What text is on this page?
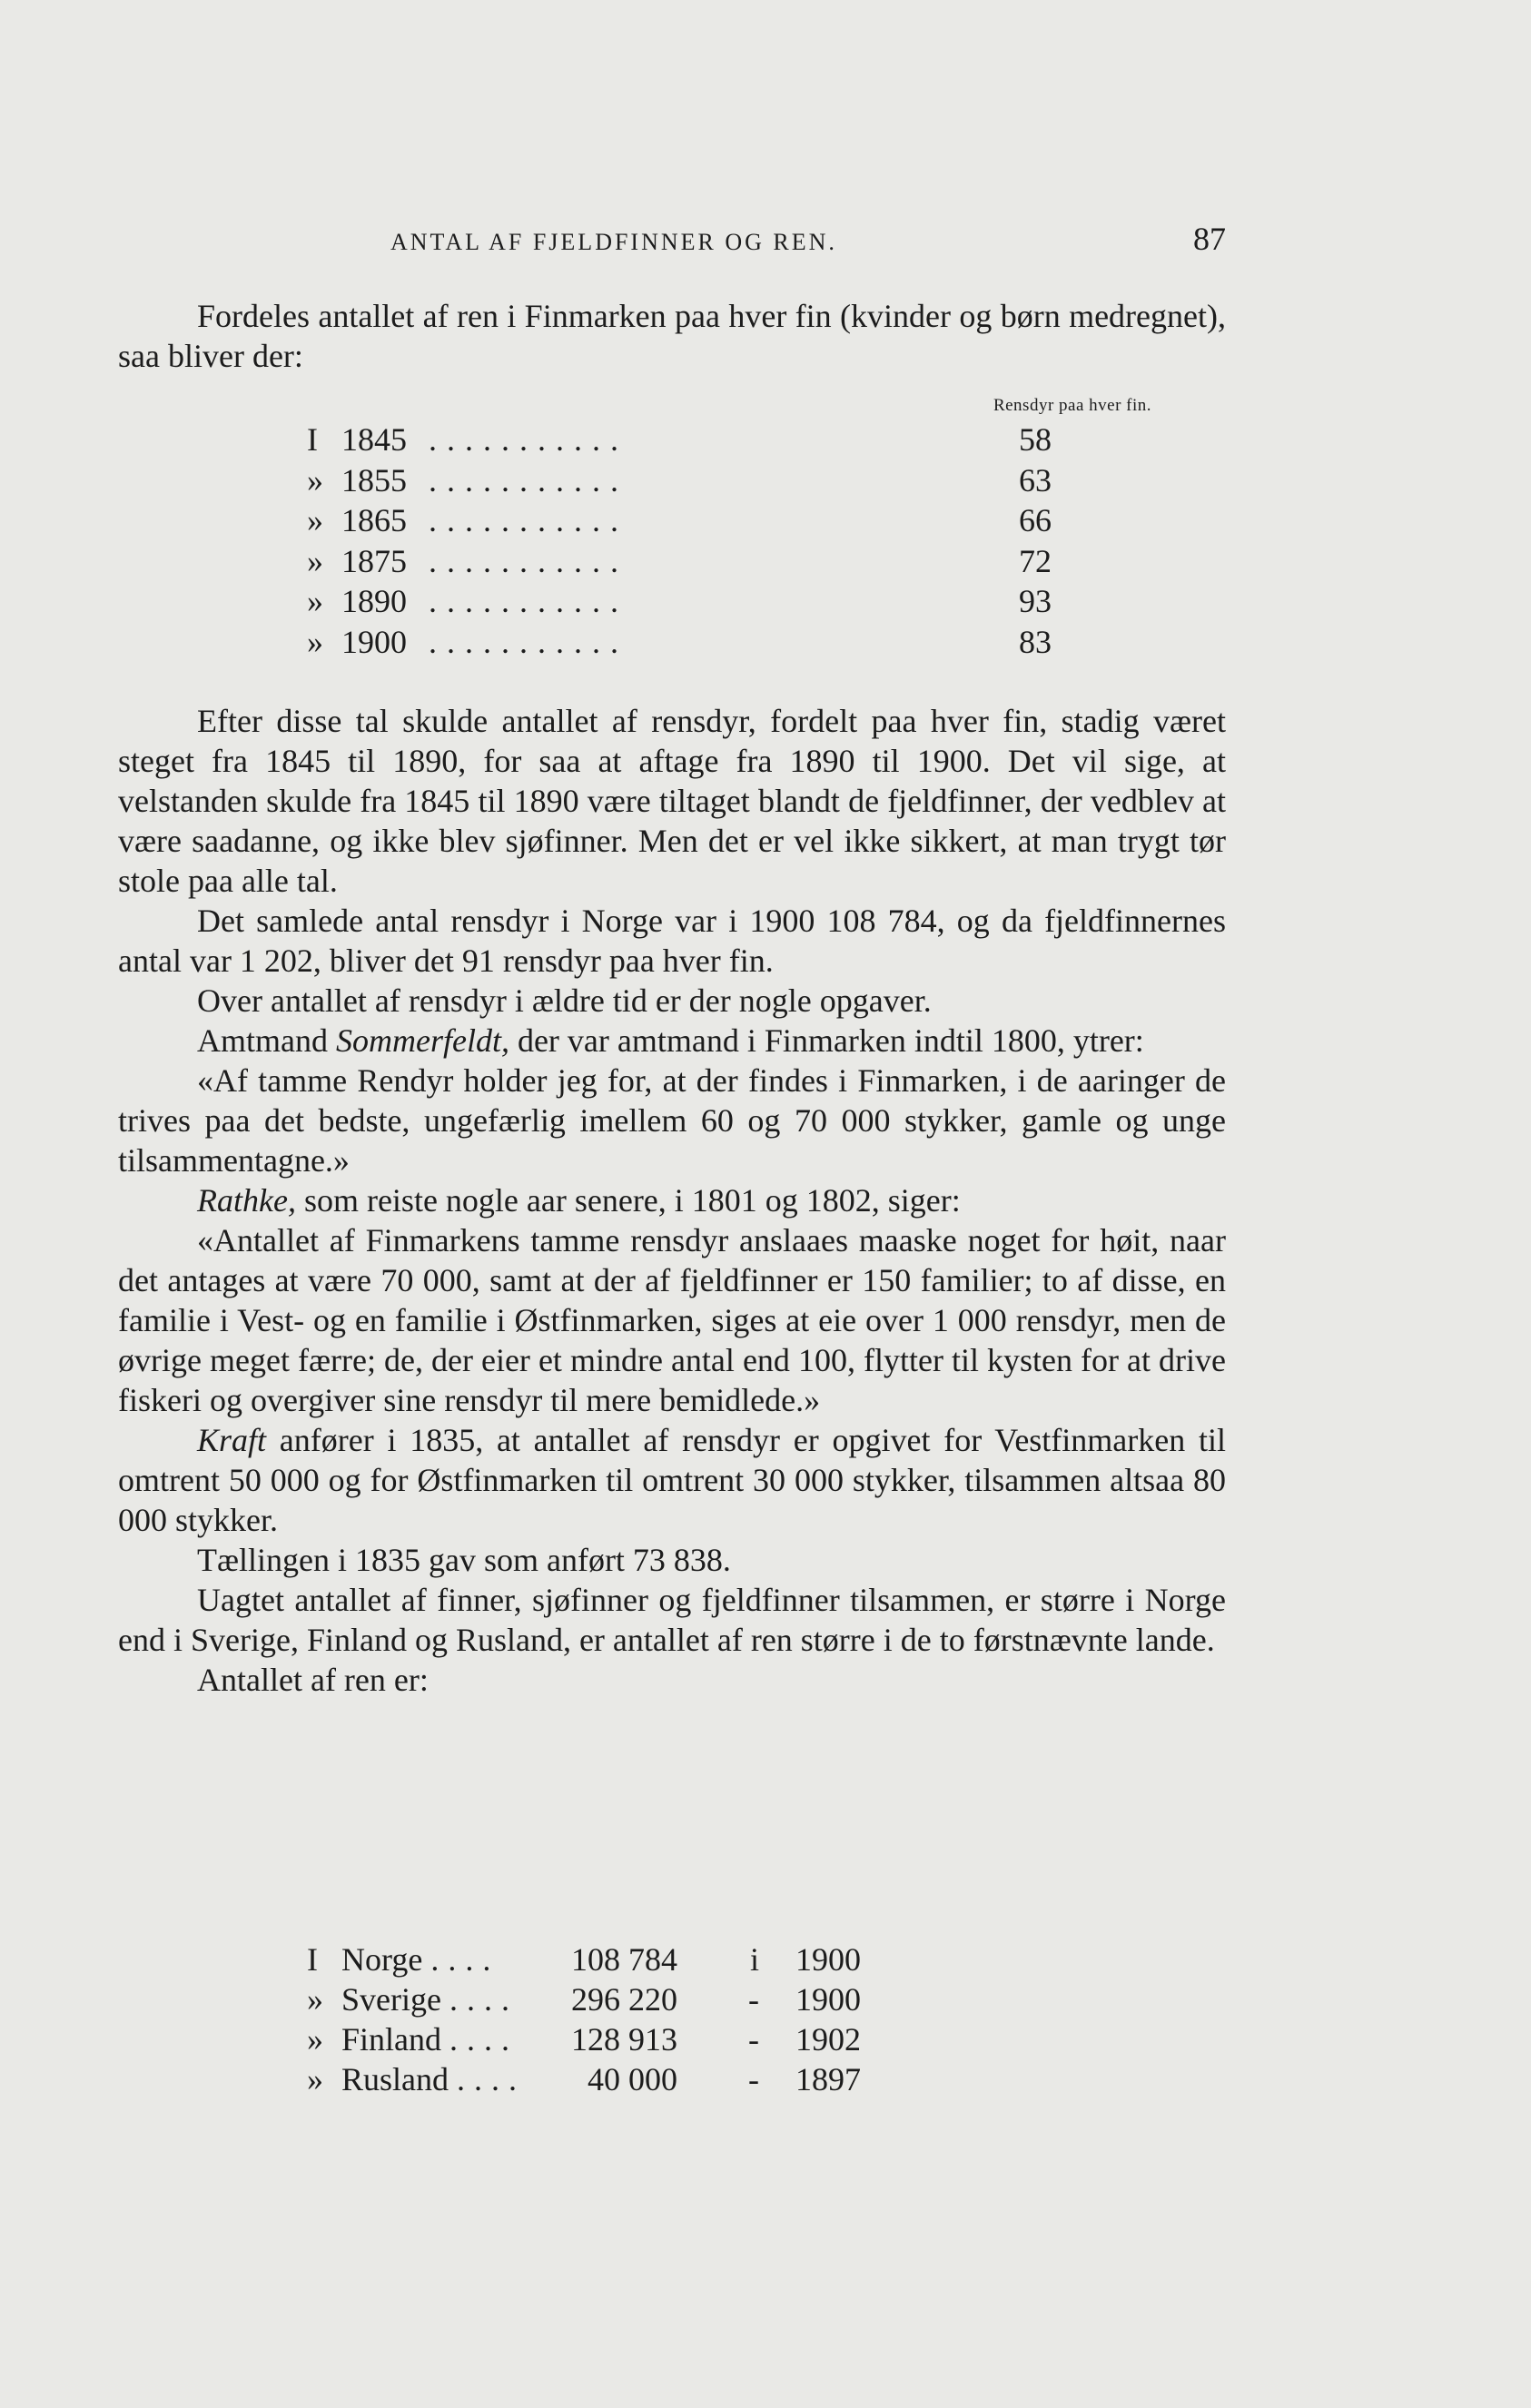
ANTAL AF FJELDFINNER OG REN.	87

Fordeles antallet af ren i Finmarken paa hver fin (kvinder og børn medregnet), saa bliver der:

Rensdyr paa hver fin.
I 1845 ...........	58
» 1855 ...........	63
» 1865 ...........	66
» 1875 ...........	72
» 1890 ...........	93
» 1900 ...........	83

Efter disse tal skulde antallet af rensdyr, fordelt paa hver fin, stadig været steget fra 1845 til 1890, for saa at aftage fra 1890 til 1900. Det vil sige, at velstanden skulde fra 1845 til 1890 være tiltaget blandt de fjeldfinner, der vedblev at være saadanne, og ikke blev sjøfinner. Men det er vel ikke sikkert, at man trygt tør stole paa alle tal.

Det samlede antal rensdyr i Norge var i 1900 108 784, og da fjeldfinnernes antal var 1 202, bliver det 91 rensdyr paa hver fin.

Over antallet af rensdyr i ældre tid er der nogle opgaver.

Amtmand Sommerfeldt, der var amtmand i Finmarken indtil 1800, ytrer:

«Af tamme Rendyr holder jeg for, at der findes i Finmarken, i de aaringer de trives paa det bedste, ungefærlig imellem 60 og 70 000 stykker, gamle og unge tilsammentagne.»

Rathke, som reiste nogle aar senere, i 1801 og 1802, siger:

«Antallet af Finmarkens tamme rensdyr anslaaes maaske noget for høit, naar det antages at være 70 000, samt at der af fjeldfinner er 150 familier; to af disse, en familie i Vest- og en familie i Østfinmarken, siges at eie over 1 000 rensdyr, men de øvrige meget færre; de, der eier et mindre antal end 100, flytter til kysten for at drive fiskeri og overgiver sine rensdyr til mere bemidlede.»

Kraft anfører i 1835, at antallet af rensdyr er opgivet for Vestfinmarken til omtrent 50 000 og for Østfinmarken til omtrent 30 000 stykker, tilsammen altsaa 80 000 stykker.

Tællingen i 1835 gav som anført 73 838.

Uagtet antallet af finner, sjøfinner og fjeldfinner tilsammen, er større i Norge end i Sverige, Finland og Rusland, er antallet af ren større i de to førstnævnte lande.

Antallet af ren er:

I Norge ....	108 784	i	1900
» Sverige ....	296 220	-	1900
» Finland ....	128 913	-	1902
» Rusland ....	40 000	-	1897
